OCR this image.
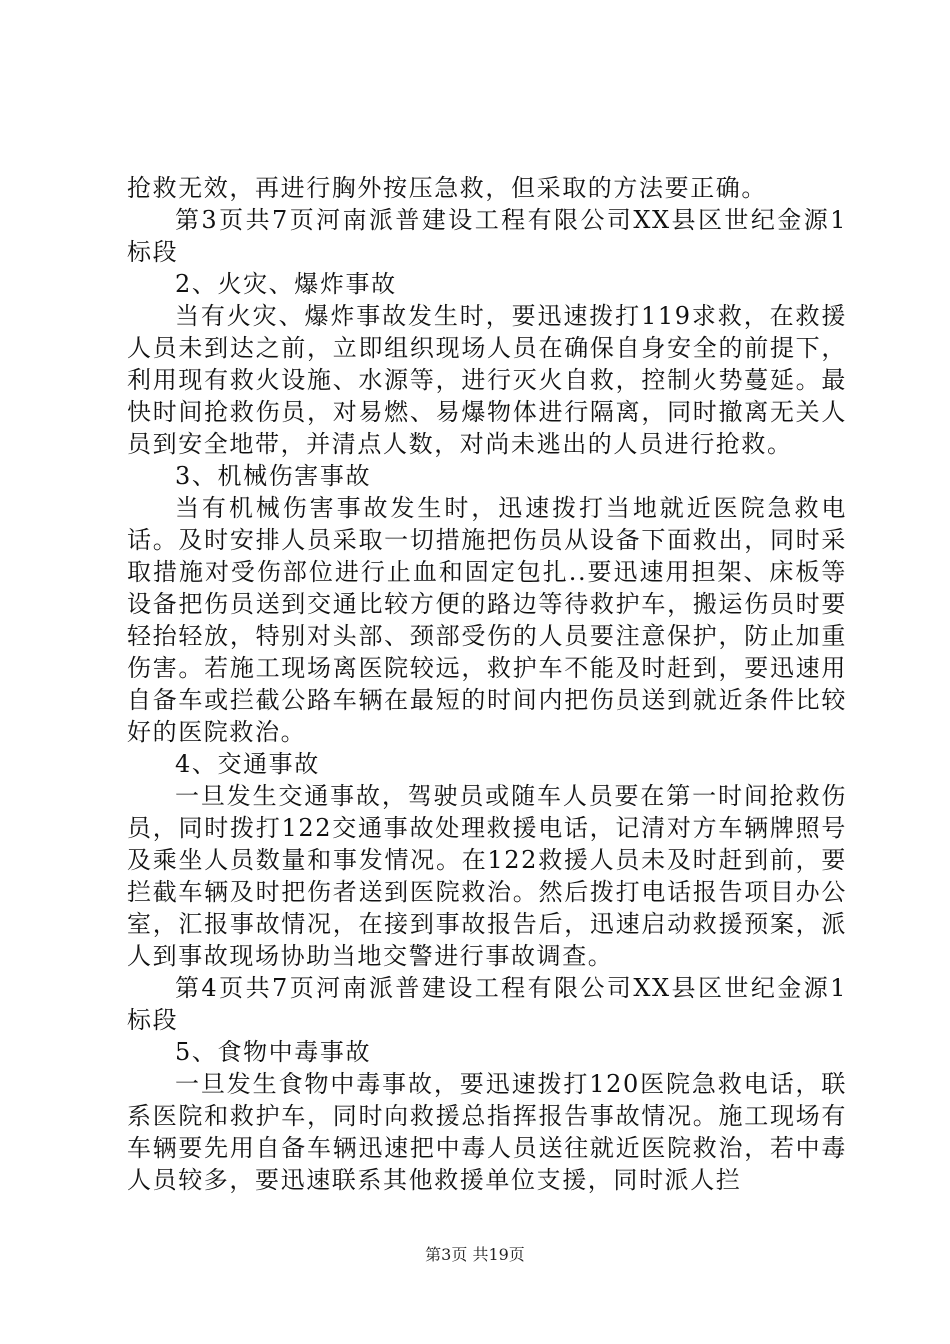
抢救无效，再进行胸外按压急救，但采取的方法要正确。

第3页共7页河南派普建设工程有限公司XX县区世纪金源1标段

2、火灾、爆炸事故

当有火灾、爆炸事故发生时，要迅速拨打119求救，在救援人员未到达之前，立即组织现场人员在确保自身安全的前提下，利用现有救火设施、水源等，进行灭火自救，控制火势蔓延。最快时间抢救伤员，对易燃、易爆物体进行隔离，同时撤离无关人员到安全地带，并清点人数，对尚未逃出的人员进行抢救。

3、机械伤害事故

当有机械伤害事故发生时，迅速拨打当地就近医院急救电话。及时安排人员采取一切措施把伤员从设备下面救出，同时采取措施对受伤部位进行止血和固定包扎..要迅速用担架、床板等设备把伤员送到交通比较方便的路边等待救护车，搬运伤员时要轻抬轻放，特别对头部、颈部受伤的人员要注意保护，防止加重伤害。若施工现场离医院较远，救护车不能及时赶到，要迅速用自备车或拦截公路车辆在最短的时间内把伤员送到就近条件比较好的医院救治。

4、交通事故

一旦发生交通事故，驾驶员或随车人员要在第一时间抢救伤员，同时拨打122交通事故处理救援电话，记清对方车辆牌照号及乘坐人员数量和事发情况。在122救援人员未及时赶到前，要拦截车辆及时把伤者送到医院救治。然后拨打电话报告项目办公室，汇报事故情况，在接到事故报告后，迅速启动救援预案，派人到事故现场协助当地交警进行事故调查。

第4页共7页河南派普建设工程有限公司XX县区世纪金源1标段

5、食物中毒事故

一旦发生食物中毒事故，要迅速拨打120医院急救电话，联系医院和救护车，同时向救援总指挥报告事故情况。施工现场有车辆要先用自备车辆迅速把中毒人员送往就近医院救治，若中毒人员较多，要迅速联系其他救援单位支援，同时派人拦

第3页 共19页
